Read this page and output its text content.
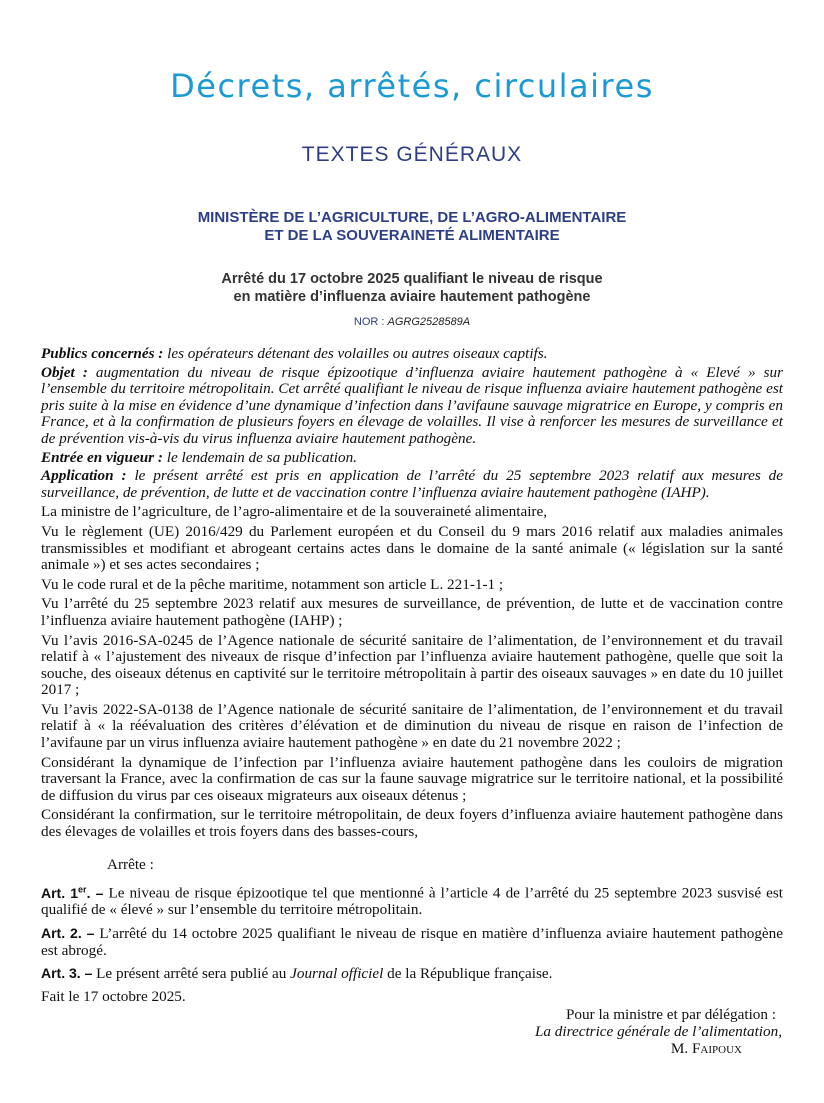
Décrets, arrêtés, circulaires
TEXTES GÉNÉRAUX
MINISTÈRE DE L’AGRICULTURE, DE L’AGRO-ALIMENTAIRE
ET DE LA SOUVERAINETÉ ALIMENTAIRE
Arrêté du 17 octobre 2025 qualifiant le niveau de risque
en matière d’influenza aviaire hautement pathogène
NOR : AGRG2528589A

Publics concernés : les opérateurs détenant des volailles ou autres oiseaux captifs.

Objet : augmentation du niveau de risque épizootique d’influenza aviaire hautement pathogène à « Elevé » sur l’ensemble du territoire métropolitain. Cet arrêté qualifiant le niveau de risque influenza aviaire hautement pathogène est pris suite à la mise en évidence d’une dynamique d’infection dans l’avifaune sauvage migratrice en Europe, y compris en France, et à la confirmation de plusieurs foyers en élevage de volailles. Il vise à renforcer les mesures de surveillance et de prévention vis-à-vis du virus influenza aviaire hautement pathogène.

Entrée en vigueur : le lendemain de sa publication.

Application : le présent arrêté est pris en application de l’arrêté du 25 septembre 2023 relatif aux mesures de surveillance, de prévention, de lutte et de vaccination contre l’influenza aviaire hautement pathogène (IAHP).

La ministre de l’agriculture, de l’agro-alimentaire et de la souveraineté alimentaire,

Vu le règlement (UE) 2016/429 du Parlement européen et du Conseil du 9 mars 2016 relatif aux maladies animales transmissibles et modifiant et abrogeant certains actes dans le domaine de la santé animale (« législation sur la santé animale ») et ses actes secondaires ;

Vu le code rural et de la pêche maritime, notamment son article L. 221-1-1 ;

Vu l’arrêté du 25 septembre 2023 relatif aux mesures de surveillance, de prévention, de lutte et de vaccination contre l’influenza aviaire hautement pathogène (IAHP) ;

Vu l’avis 2016-SA-0245 de l’Agence nationale de sécurité sanitaire de l’alimentation, de l’environnement et du travail relatif à « l’ajustement des niveaux de risque d’infection par l’influenza aviaire hautement pathogène, quelle que soit la souche, des oiseaux détenus en captivité sur le territoire métropolitain à partir des oiseaux sauvages » en date du 10 juillet 2017 ;

Vu l’avis 2022-SA-0138 de l’Agence nationale de sécurité sanitaire de l’alimentation, de l’environnement et du travail relatif à « la réévaluation des critères d’élévation et de diminution du niveau de risque en raison de l’infection de l’avifaune par un virus influenza aviaire hautement pathogène » en date du 21 novembre 2022 ;

Considérant la dynamique de l’infection par l’influenza aviaire hautement pathogène dans les couloirs de migration traversant la France, avec la confirmation de cas sur la faune sauvage migratrice sur le territoire national, et la possibilité de diffusion du virus par ces oiseaux migrateurs aux oiseaux détenus ;

Considérant la confirmation, sur le territoire métropolitain, de deux foyers d’influenza aviaire hautement pathogène dans des élevages de volailles et trois foyers dans des basses-cours,

Arrête :

Art. 1er. – Le niveau de risque épizootique tel que mentionné à l’article 4 de l’arrêté du 25 septembre 2023 susvisé est qualifié de « élevé » sur l’ensemble du territoire métropolitain.

Art. 2. – L’arrêté du 14 octobre 2025 qualifiant le niveau de risque en matière d’influenza aviaire hautement pathogène est abrogé.

Art. 3. – Le présent arrêté sera publié au Journal officiel de la République française.

Fait le 17 octobre 2025.

Pour la ministre et par délégation :
La directrice générale de l’alimentation,
M. Faipoux
